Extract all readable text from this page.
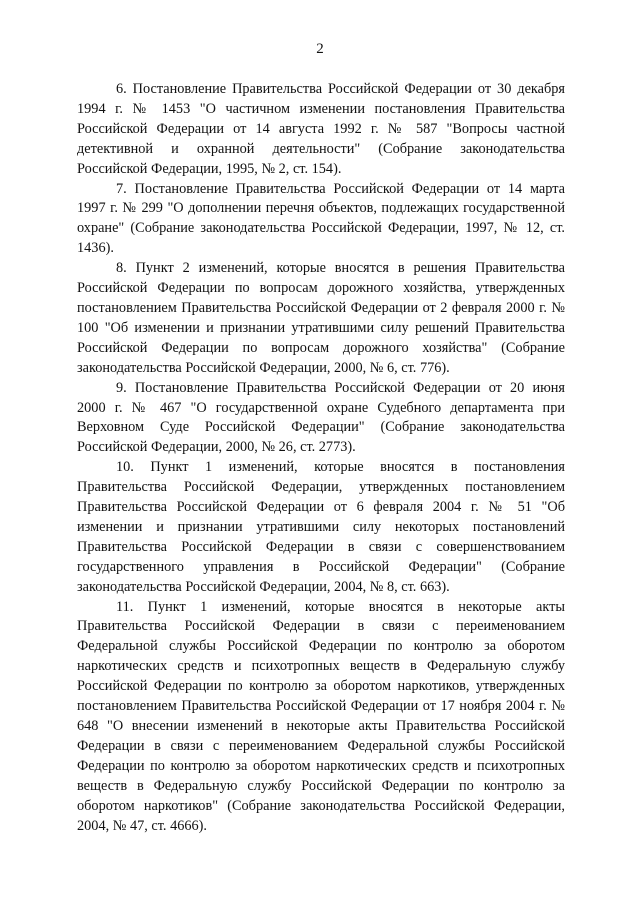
2

6. Постановление Правительства Российской Федерации от 30 декабря 1994 г. № 1453 "О частичном изменении постановления Правительства Российской Федерации от 14 августа 1992 г. № 587 "Вопросы частной детективной и охранной деятельности" (Собрание законодательства Российской Федерации, 1995, № 2, ст. 154).

7. Постановление Правительства Российской Федерации от 14 марта 1997 г. № 299 "О дополнении перечня объектов, подлежащих государственной охране" (Собрание законодательства Российской Федерации, 1997, № 12, ст. 1436).

8. Пункт 2 изменений, которые вносятся в решения Правительства Российской Федерации по вопросам дорожного хозяйства, утвержденных постановлением Правительства Российской Федерации от 2 февраля 2000 г. № 100 "Об изменении и признании утратившими силу решений Правительства Российской Федерации по вопросам дорожного хозяйства" (Собрание законодательства Российской Федерации, 2000, № 6, ст. 776).

9. Постановление Правительства Российской Федерации от 20 июня 2000 г. № 467 "О государственной охране Судебного департамента при Верховном Суде Российской Федерации" (Собрание законодательства Российской Федерации, 2000, № 26, ст. 2773).

10. Пункт 1 изменений, которые вносятся в постановления Правительства Российской Федерации, утвержденных постановлением Правительства Российской Федерации от 6 февраля 2004 г. № 51 "Об изменении и признании утратившими силу некоторых постановлений Правительства Российской Федерации в связи с совершенствованием государственного управления в Российской Федерации" (Собрание законодательства Российской Федерации, 2004, № 8, ст. 663).

11. Пункт 1 изменений, которые вносятся в некоторые акты Правительства Российской Федерации в связи с переименованием Федеральной службы Российской Федерации по контролю за оборотом наркотических средств и психотропных веществ в Федеральную службу Российской Федерации по контролю за оборотом наркотиков, утвержденных постановлением Правительства Российской Федерации от 17 ноября 2004 г. № 648 "О внесении изменений в некоторые акты Правительства Российской Федерации в связи с переименованием Федеральной службы Российской Федерации по контролю за оборотом наркотических средств и психотропных веществ в Федеральную службу Российской Федерации по контролю за оборотом наркотиков" (Собрание законодательства Российской Федерации, 2004, № 47, ст. 4666).
